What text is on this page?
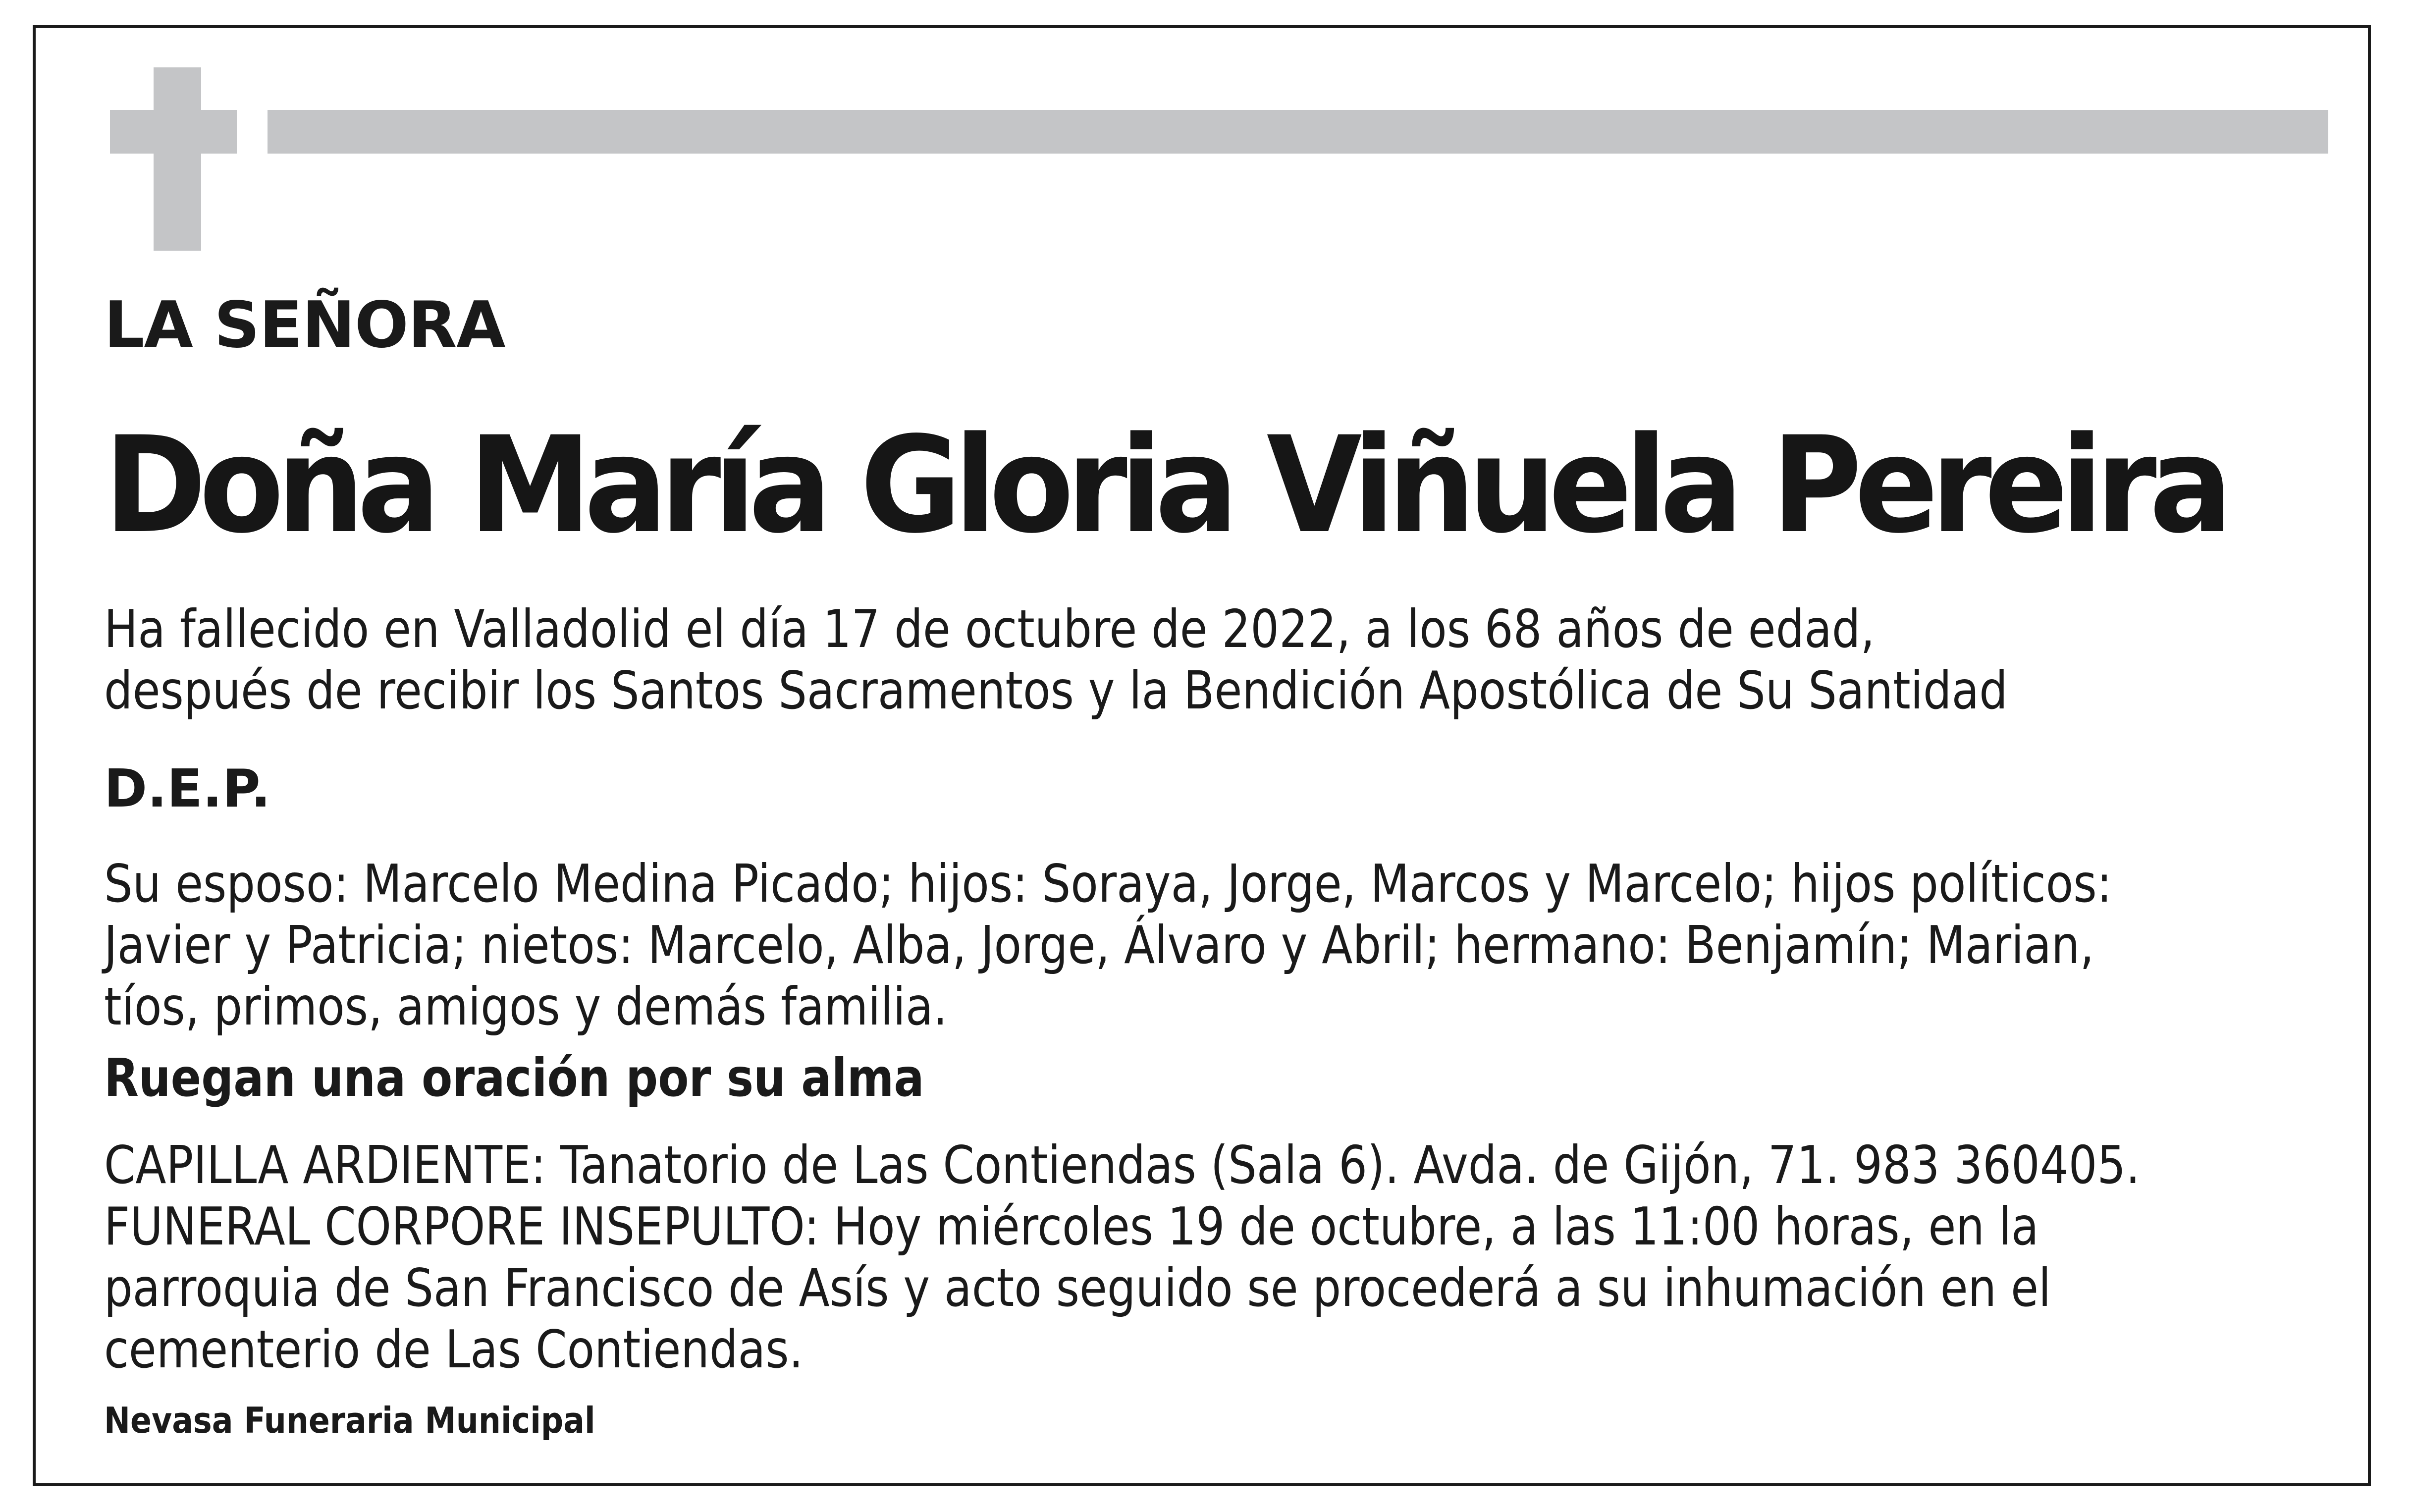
LA SEÑORA

Doña María Gloria Viñuela Pereira

Ha fallecido en Valladolid el día 17 de octubre de 2022, a los 68 años de edad,

después de recibir los Santos Sacramentos y la Bendición Apostólica de Su Santidad

D.E.P.

Su esposo: Marcelo Medina Picado; hijos: Soraya, Jorge, Marcos y Marcelo; hijos políticos:

Javier y Patricia; nietos: Marcelo, Alba, Jorge, Álvaro y Abril; hermano: Benjamín; Marian,

tíos, primos, amigos y demás familia.

Ruegan una oración por su alma

CAPILLA ARDIENTE: Tanatorio de Las Contiendas (Sala 6). Avda. de Gijón, 71. 983 360405.

FUNERAL CORPORE INSEPULTO: Hoy miércoles 19 de octubre, a las 11:00 horas, en la

parroquia de San Francisco de Asís y acto seguido se procederá a su inhumación en el

cementerio de Las Contiendas.

Nevasa Funeraria Municipal
